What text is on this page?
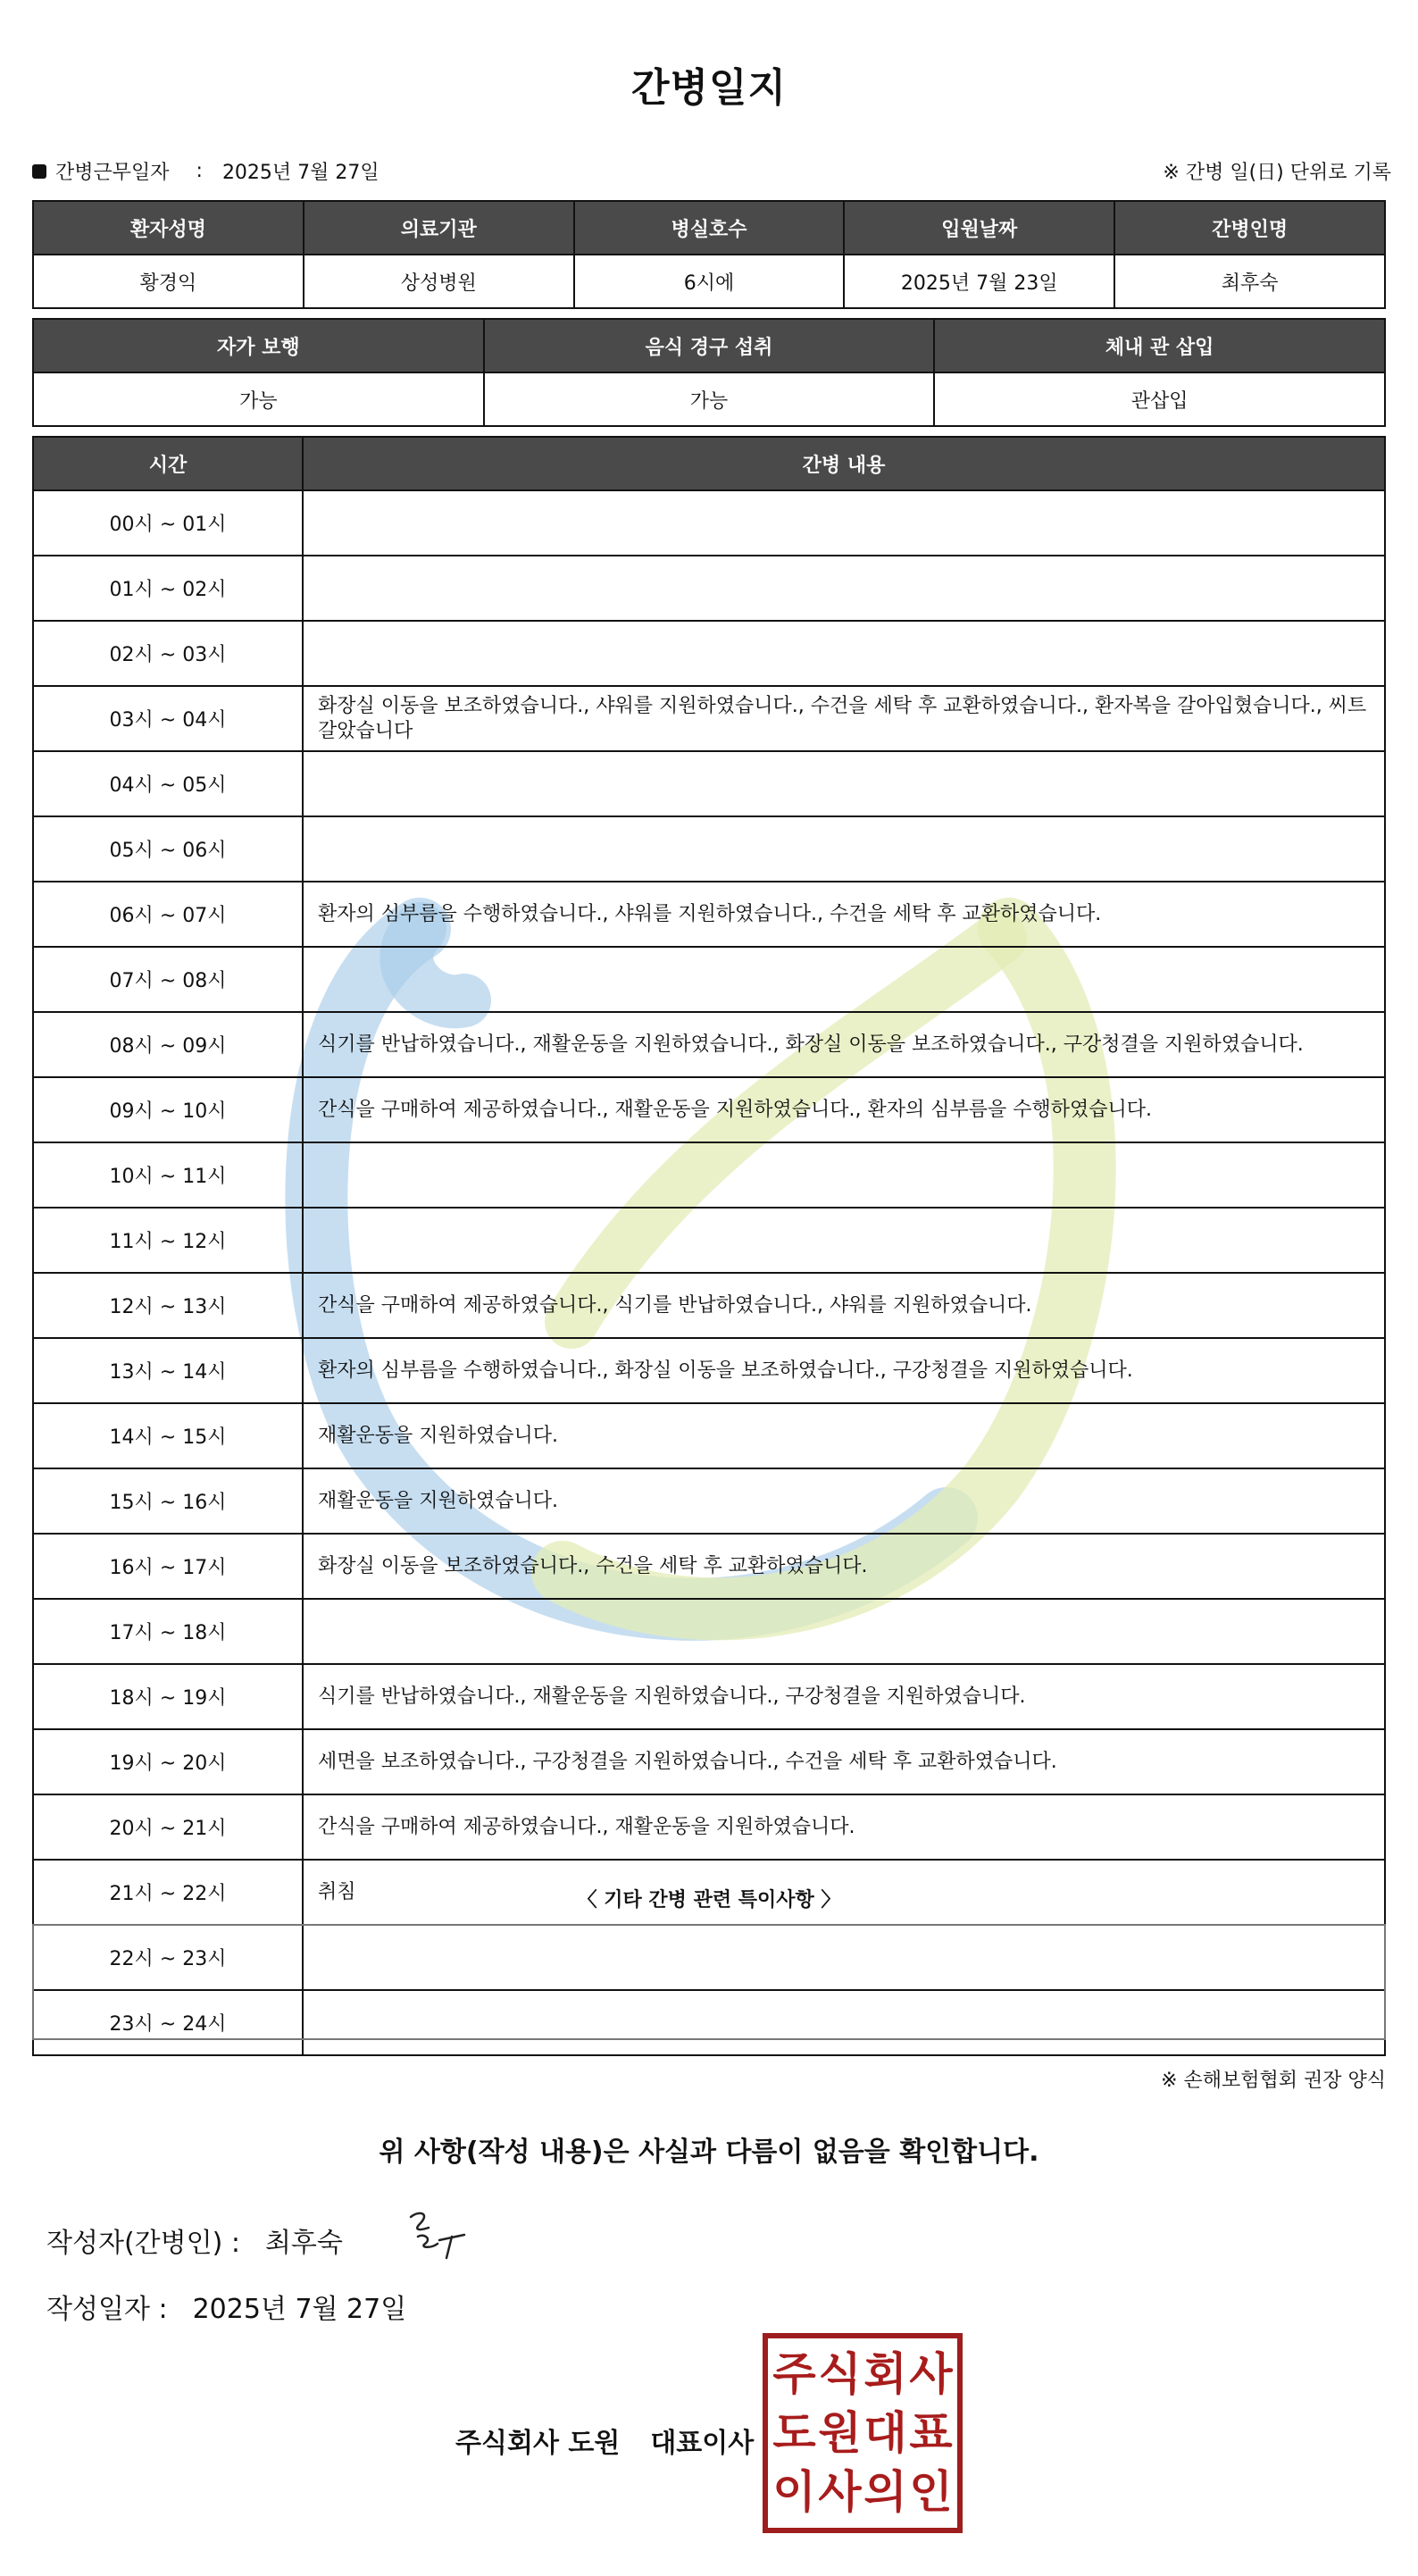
간병일지
간병근무일자 : 2025년 7월 27일	※ 간병 일(日) 단위로 기록
환자성명	의료기관	병실호수	입원날짜	간병인명
황경익	상성병원	6시에	2025년 7월 23일	최후숙
자가 보행	음식 경구 섭취	체내 관 삽입
가능	가능	관삽입
시간	간병 내용
00시 ~ 01시	
01시 ~ 02시	
02시 ~ 03시	
03시 ~ 04시	화장실 이동을 보조하였습니다., 샤워를 지원하였습니다., 수건을 세탁 후 교환하였습니다., 환자복을 갈아입혔습니다., 씨트갈았습니다
04시 ~ 05시	
05시 ~ 06시	
06시 ~ 07시	환자의 심부름을 수행하였습니다., 샤워를 지원하였습니다., 수건을 세탁 후 교환하였습니다.
07시 ~ 08시	
08시 ~ 09시	식기를 반납하였습니다., 재활운동을 지원하였습니다., 화장실 이동을 보조하였습니다., 구강청결을 지원하였습니다.
09시 ~ 10시	간식을 구매하여 제공하였습니다., 재활운동을 지원하였습니다., 환자의 심부름을 수행하였습니다.
10시 ~ 11시	
11시 ~ 12시	
12시 ~ 13시	간식을 구매하여 제공하였습니다., 식기를 반납하였습니다., 샤워를 지원하였습니다.
13시 ~ 14시	환자의 심부름을 수행하였습니다., 화장실 이동을 보조하였습니다., 구강청결을 지원하였습니다.
14시 ~ 15시	재활운동을 지원하였습니다.
15시 ~ 16시	재활운동을 지원하였습니다.
16시 ~ 17시	화장실 이동을 보조하였습니다., 수건을 세탁 후 교환하였습니다.
17시 ~ 18시	
18시 ~ 19시	식기를 반납하였습니다., 재활운동을 지원하였습니다., 구강청결을 지원하였습니다.
19시 ~ 20시	세면을 보조하였습니다., 구강청결을 지원하였습니다., 수건을 세탁 후 교환하였습니다.
20시 ~ 21시	간식을 구매하여 제공하였습니다., 재활운동을 지원하였습니다.
21시 ~ 22시	취침
22시 ~ 23시	
23시 ~ 24시	
〈 기타 간병 관련 특이사항 〉
※ 손해보험협회 권장 양식
위 사항(작성 내용)은 사실과 다름이 없음을 확인합니다.
작성자(간병인) : 최후숙
작성일자 : 2025년 7월 27일
주식회사 도원 대표이사
주 식 회 사
도 원 대 표
이 사 의 인
